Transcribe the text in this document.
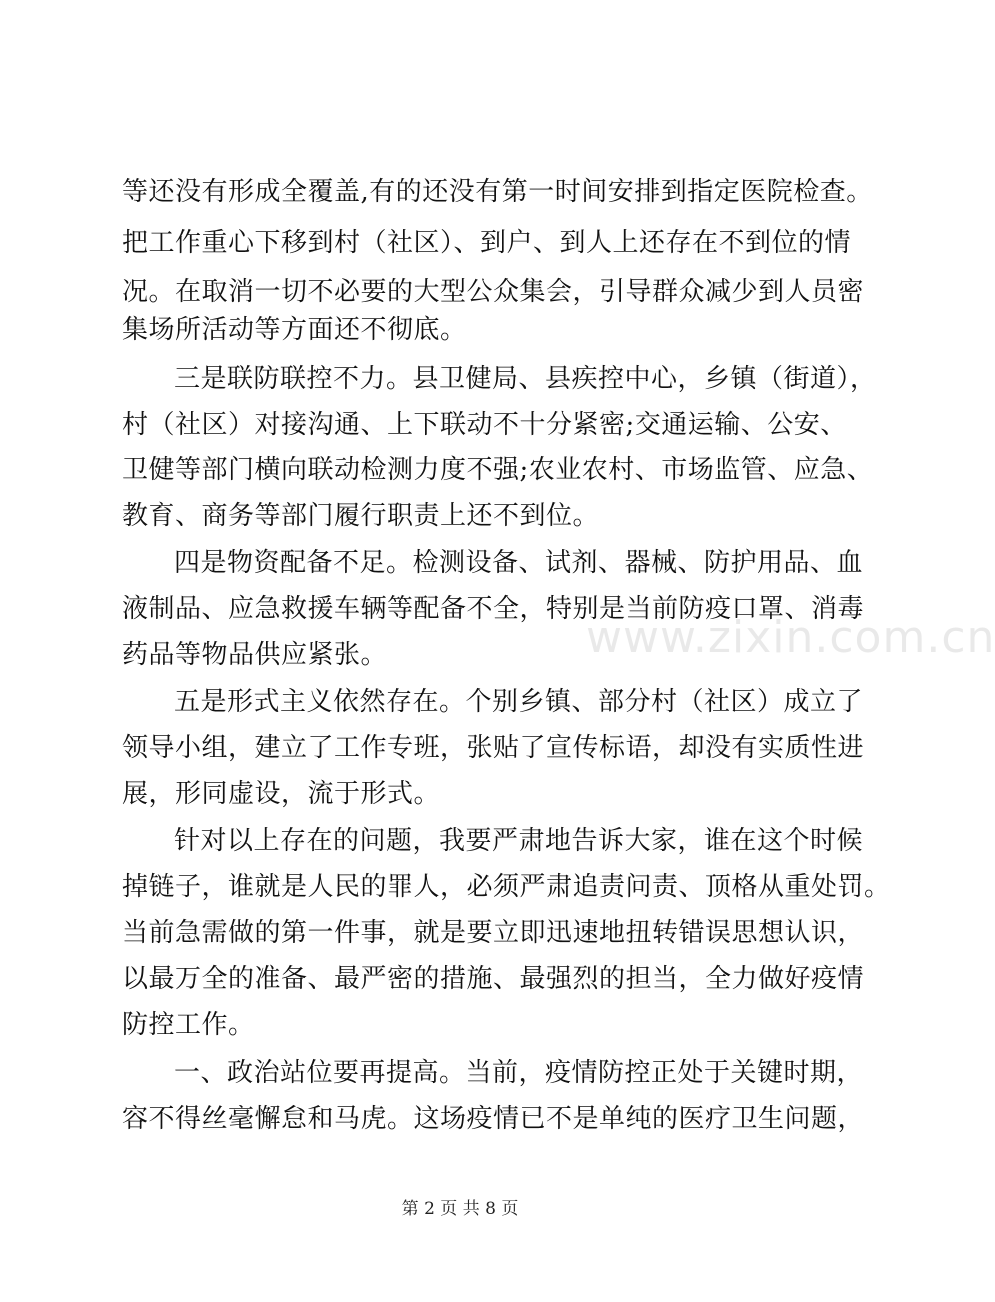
等还没有形成全覆盖,有的还没有第一时间安排到指定医院检查。
把工作重心下移到村（社区）、到户、到人上还存在不到位的情
况。在取消一切不必要的大型公众集会，引导群众减少到人员密
集场所活动等方面还不彻底。
三是联防联控不力。县卫健局、县疾控中心，乡镇（街道），
村（社区）对接沟通、上下联动不十分紧密;交通运输、公安、
卫健等部门横向联动检测力度不强;农业农村、市场监管、应急、
教育、商务等部门履行职责上还不到位。
四是物资配备不足。检测设备、试剂、器械、防护用品、血
液制品、应急救援车辆等配备不全，特别是当前防疫口罩、消毒
药品等物品供应紧张。
五是形式主义依然存在。个别乡镇、部分村（社区）成立了
领导小组，建立了工作专班，张贴了宣传标语，却没有实质性进
展，形同虚设，流于形式。
针对以上存在的问题，我要严肃地告诉大家，谁在这个时候
掉链子，谁就是人民的罪人，必须严肃追责问责、顶格从重处罚。
当前急需做的第一件事，就是要立即迅速地扭转错误思想认识，
以最万全的准备、最严密的措施、最强烈的担当，全力做好疫情
防控工作。
一、政治站位要再提高。当前，疫情防控正处于关键时期，
容不得丝毫懈怠和马虎。这场疫情已不是单纯的医疗卫生问题，
www.zixin.com.cn
第 2 页 共 8 页
